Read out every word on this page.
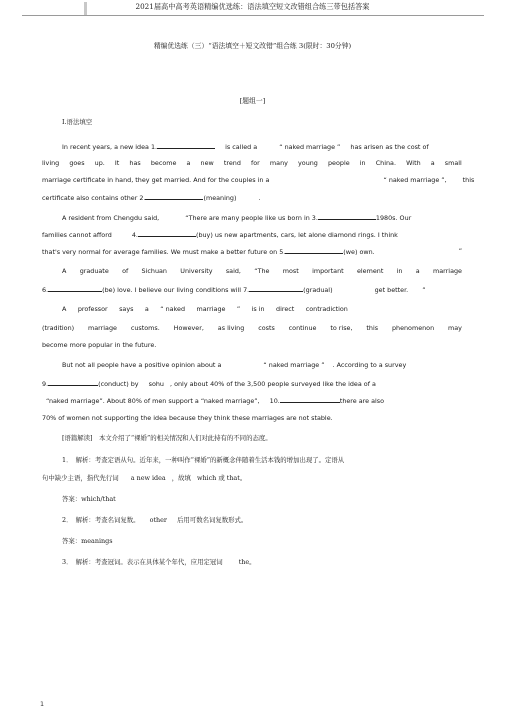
2021届高中高考英语精编优选练：语法填空短文改错组合练三带包括答案
精编优选练（三）“语法填空＋短文改错”组合练 3(限时：30分钟)
[题组一]
Ⅰ.语法填空
In recent years, a new idea 1.	is called a	“ naked marriage ” has arisen as the cost of
living goes up. It has become a new trend for many young people in China. With a small
marriage certificate in hand, they get married. And for the couples in a	“ naked marriage ”,	this
certificate also contains other 2.	(meaning)	.
A resident from Chengdu said,	“There are many people like us born in 3.	1980s. Our
families cannot afford	4.	(buy) us new apartments, cars, let alone diamond rings. I think
that's very normal for average families. We must make a better future on 5.	(we) own.	”
A graduate of Sichuan University said, “The most important element in a marriage
6.	(be) love. I believe our living conditions will 7.	(gradual)	get better. ”
A professor says a “ naked marriage ” is in direct contradiction
(tradition) marriage customs. However, as living costs continue to rise, this phenomenon may
become more popular in the future.
But not all people have a positive opinion about a	“ naked marriage ” . According to a survey
9.	(conduct) by sohu , only about 40% of the 3,500 people surveyed like the idea of a
“naked marriage”. About 80% of men support a “naked marriage”, 10.	there are also
70% of women not supporting the idea because they think these marriages are not stable.
[语篇解读]　本文介绍了“裸婚”的相关情况和人们对此持有的不同的态度。
1．　解析：考查定语从句。近年来，一种叫作“裸婚”的新概念伴随着生活本钱的增加出现了。定语从
句中缺少主语，指代先行词 a new idea ，故填 which 或 that。
答案：which/that
2．　解析：考查名词复数。 other 后用可数名词复数形式。
答案：meanings
3．　解析：考查冠词。表示在具体某个年代，应用定冠词	the。
1
